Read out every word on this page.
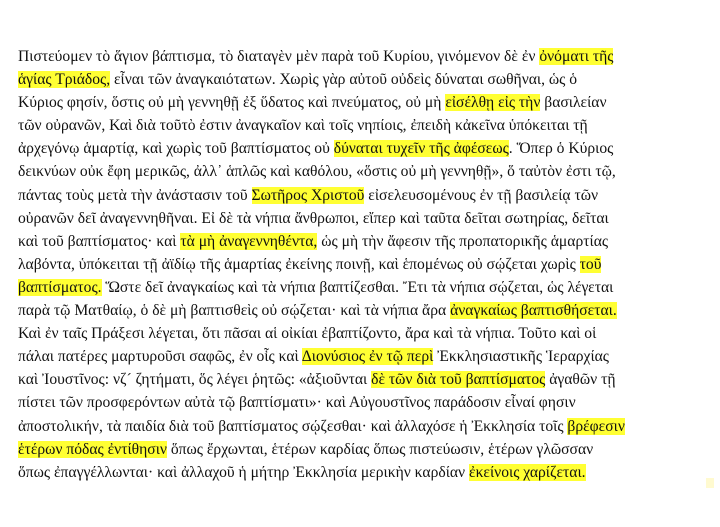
Πιστεύομεν τὸ ἅγιον βάπτισμα, τὸ διαταγὲν μὲν παρὰ τοῦ Κυρίου, γινόμενον δὲ ἐν ὀνόματι τῆς
ἁγίας Τριάδος, εἶναι τῶν ἀναγκαιότατων. Χωρὶς γὰρ αὐτοῦ οὐδεὶς δύναται σωθῆναι, ὡς ὁ
Κύριος φησίν, ὅστις οὐ μὴ γεννηθῇ ἐξ ὕδατος καὶ πνεύματος, οὐ μὴ εἰσέλθῃ εἰς τὴν βασιλείαν
τῶν οὐρανῶν, Καὶ διὰ τοῦτὸ ἐστιν ἀναγκαῖον καὶ τοῖς νηπίοις, ἐπειδὴ κἀκεῖνα ὑπόκειται τῇ
ἀρχεγόνῳ ἁμαρτίᾳ, καὶ χωρὶς τοῦ βαπτίσματος οὐ δύναται τυχεῖν τῆς ἀφέσεως. Ὅπερ ὁ Κύριος
δεικνύων οὐκ ἔφη μερικῶς, ἀλλ᾽ ἁπλῶς καὶ καθόλου, «ὅστις οὐ μὴ γεννηθῇ», ὅ ταὐτὸν ἐστι τῷ,
πάντας τοὺς μετὰ τὴν ἀνάστασιν τοῦ Σωτῆρος Χριστοῦ εἰσελευσομένους ἐν τῇ βασιλείᾳ τῶν
οὐρανῶν δεῖ ἀναγεννηθῆναι. Εἰ δὲ τὰ νήπια ἄνθρωποι, εἴπερ καὶ ταῦτα δεῖται σωτηρίας, δεῖται
καὶ τοῦ βαπτίσματος· καὶ τὰ μὴ ἀναγεννηθέντα, ὡς μὴ τὴν ἄφεσιν τῆς προπατορικῆς ἁμαρτίας
λαβόντα, ὑπόκειται τῇ ἀϊδίῳ τῆς ἁμαρτίας ἐκείνης ποινῇ, καὶ ἑπομένως οὐ σῴζεται χωρὶς τοῦ
βαπτίσματος. Ὥστε δεῖ ἀναγκαίως καὶ τὰ νήπια βαπτίζεσθαι. Ἔτι τὰ νήπια σῴζεται, ὡς λέγεται
παρὰ τῷ Ματθαίῳ, ὁ δὲ μὴ βαπτισθεὶς οὐ σῴζεται· καὶ τὰ νήπια ἄρα ἀναγκαίως βαπτισθήσεται.
Καὶ ἐν ταῖς Πράξεσι λέγεται, ὅτι πᾶσαι αἱ οἰκίαι ἐβαπτίζοντο, ἄρα καὶ τὰ νήπια. Τοῦτο καὶ οἱ
πάλαι πατέρες μαρτυροῦσι σαφῶς, ἐν οἷς καὶ Διονύσιος ἐν τῷ περὶ Ἐκκλησιαστικῆς Ἱεραρχίας
καὶ Ἰουστῖνος: νζ´ ζητήματι, ὅς λέγει ῥητῶς: «ἀξιοῦνται δὲ τῶν διὰ τοῦ βαπτίσματος ἀγαθῶν τῇ
πίστει τῶν προσφερόντων αὐτὰ τῷ βαπτίσματι»· καὶ Αὐγουστῖνος παράδοσιν εἶναί φησιν
ἀποστολικήν, τὰ παιδία διὰ τοῦ βαπτίσματος σῴζεσθαι· καὶ ἀλλαχόσε ἡ Ἐκκλησία τοῖς βρέφεσιν
ἑτέρων πόδας ἐντίθησιν ὅπως ἔρχωνται, ἑτέρων καρδίας ὅπως πιστεύωσιν, ἑτέρων γλῶσσαν
ὅπως ἐπαγγέλλωνται· καὶ ἀλλαχοῦ ἡ μήτηρ Ἐκκλησία μερικὴν καρδίαν ἐκείνοις χαρίζεται.
